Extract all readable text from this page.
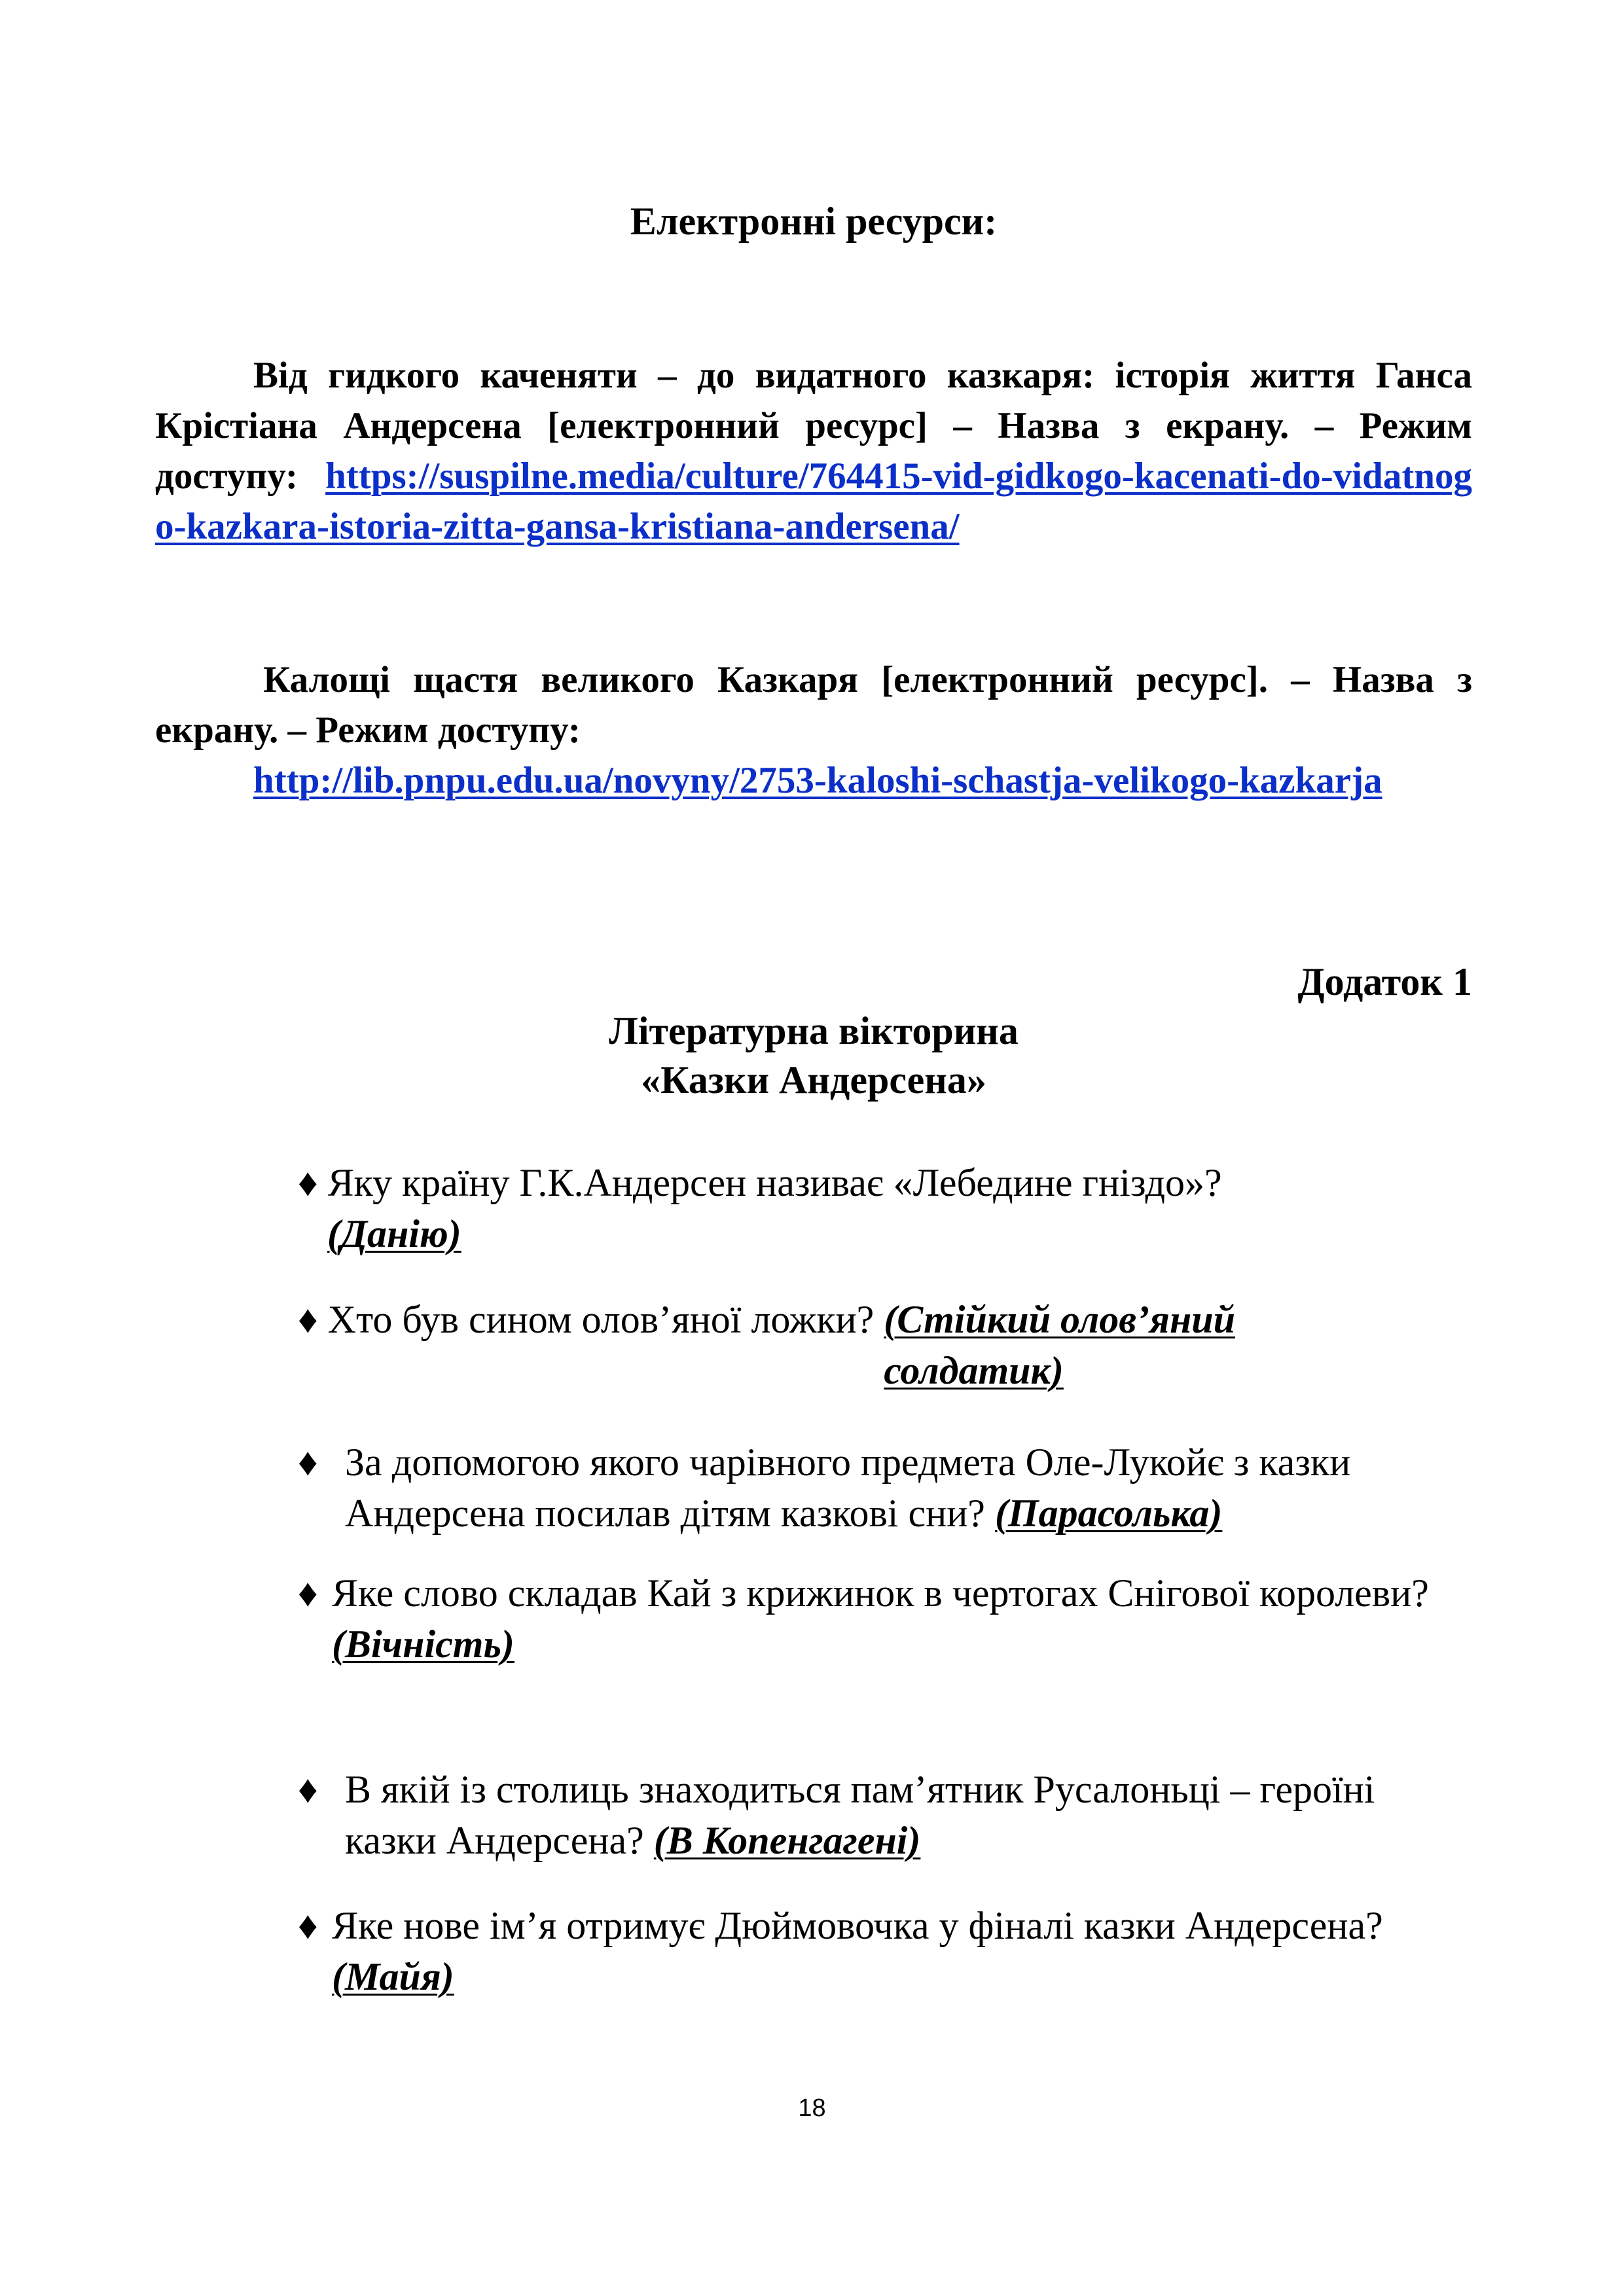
Електронні ресурси:
Від гидкого каченяти – до видатного казкаря: історія життя Ганса Крістіана Андерсена [електронний ресурс] – Назва з екрану. – Режим доступу: https://suspilne.media/culture/764415-vid-gidkogo-kacenati-do-vidatnogo-kazkara-istoria-zitta-gansa-kristiana-andersena/
Калощі щастя великого Казкаря [електронний ресурс]. – Назва з екрану. – Режим доступу:
http://lib.pnpu.edu.ua/novyny/2753-kaloshi-schastja-velikogo-kazkarja
Додаток 1
Літературна вікторина
«Казки Андерсена»
♦ Яку країну Г.К.Андерсен називає «Лебедине гніздо»?
(Данію)
♦ Хто був сином олов’яної ложки? (Стійкий олов’яний солдатик)
♦ За допомогою якого чарівного предмета Оле-Лукойє з казки Андерсена посилав дітям казкові сни? (Парасолька)
♦ Яке слово складав Кай з крижинок в чертогах Снігової королеви? (Вічність)
♦ В якій із столиць знаходиться пам’ятник Русалоньці – героїні казки Андерсена? (В Копенгагені)
♦ Яке нове ім’я отримує Дюймовочка у фіналі казки Андерсена? (Майя)
18
